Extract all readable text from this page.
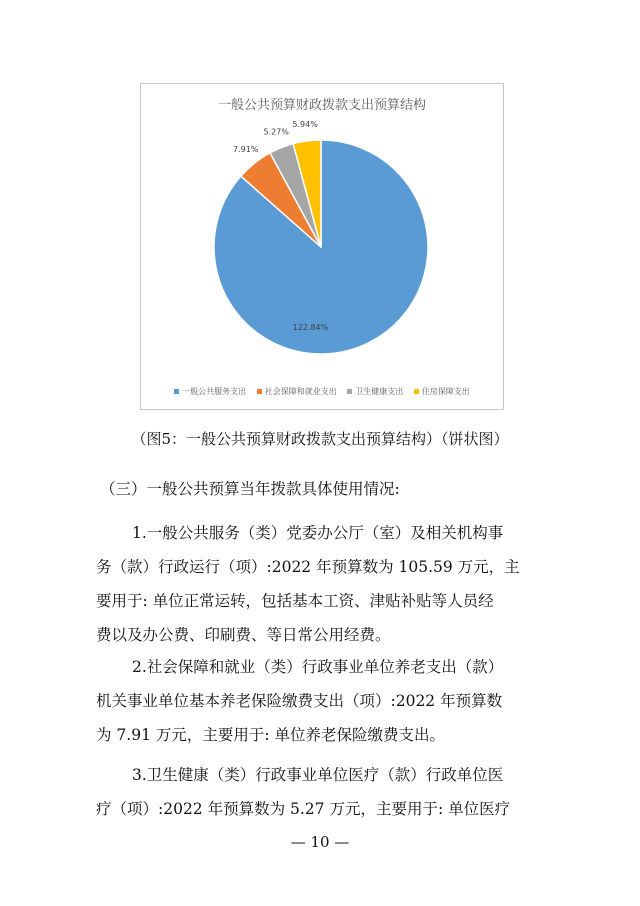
一般公共预算财政拨款支出预算结构
122.84%
7.91%
5.27%
5.94%
一般公共服务支出 社会保障和就业支出 卫生健康支出 住房保障支出
（图5：一般公共预算财政拨款支出预算结构）（饼状图）
（三）一般公共预算当年拨款具体使用情况:
1.一般公共服务（类）党委办公厅（室）及相关机构事
务（款）行政运行（项）:2022 年预算数为 105.59 万元，主
要用于: 单位正常运转，包括基本工资、津贴补贴等人员经
费以及办公费、印刷费、等日常公用经费。
2.社会保障和就业（类）行政事业单位养老支出（款）
机关事业单位基本养老保险缴费支出（项）:2022 年预算数
为 7.91 万元，主要用于: 单位养老保险缴费支出。
3.卫生健康（类）行政事业单位医疗（款）行政单位医
疗（项）:2022 年预算数为 5.27 万元，主要用于: 单位医疗
— 10 —
